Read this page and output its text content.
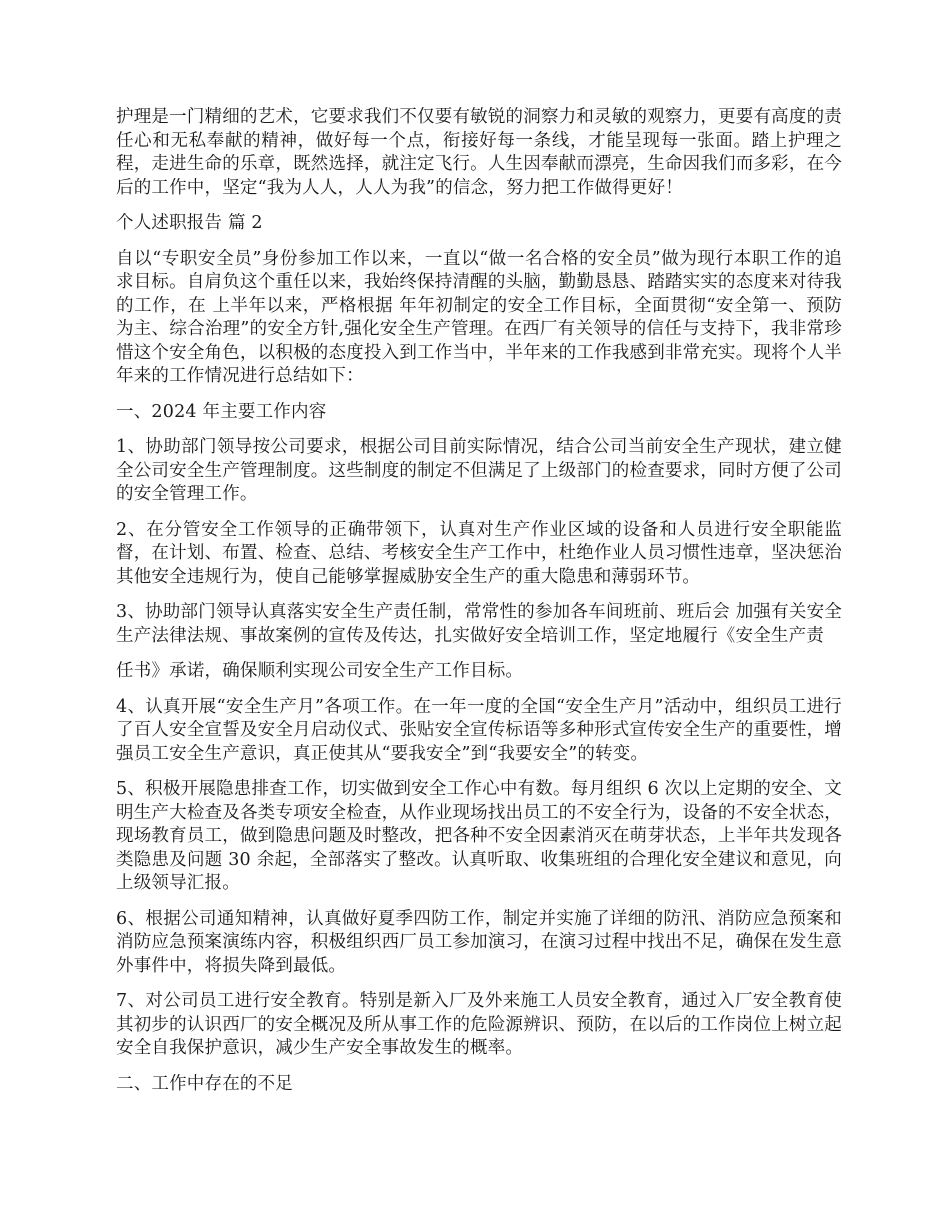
护理是一门精细的艺术，它要求我们不仅要有敏锐的洞察力和灵敏的观察力，更要有高度的责任心和无私奉献的精神，做好每一个点，衔接好每一条线，才能呈现每一张面。踏上护理之程，走进生命的乐章，既然选择，就注定飞行。人生因奉献而漂亮，生命因我们而多彩，在今后的工作中，坚定“我为人人，人人为我”的信念，努力把工作做得更好！

个人述职报告 篇 2

自以“专职安全员”身份参加工作以来，一直以“做一名合格的安全员”做为现行本职工作的追求目标。自肩负这个重任以来，我始终保持清醒的头脑，勤勤恳恳、踏踏实实的态度来对待我的工作，在 上半年以来，严格根据 年年初制定的安全工作目标，全面贯彻“安全第一、预防为主、综合治理”的安全方针,强化安全生产管理。在西厂有关领导的信任与支持下，我非常珍惜这个安全角色，以积极的态度投入到工作当中，半年来的工作我感到非常充实。现将个人半年来的工作情况进行总结如下：

一、2024 年主要工作内容

1、协助部门领导按公司要求，根据公司目前实际情况，结合公司当前安全生产现状，建立健全公司安全生产管理制度。这些制度的制定不但满足了上级部门的检查要求，同时方便了公司的安全管理工作。

2、在分管安全工作领导的正确带领下，认真对生产作业区域的设备和人员进行安全职能监督，在计划、布置、检查、总结、考核安全生产工作中，杜绝作业人员习惯性违章，坚决惩治其他安全违规行为，使自己能够掌握威胁安全生产的重大隐患和薄弱环节。

3、协助部门领导认真落实安全生产责任制，常常性的参加各车间班前、班后会 加强有关安全生产法律法规、事故案例的宣传及传达，扎实做好安全培训工作，坚定地履行《安全生产责

任书》承诺，确保顺利实现公司安全生产工作目标。

4、认真开展“安全生产月”各项工作。在一年一度的全国“安全生产月”活动中，组织员工进行了百人安全宣誓及安全月启动仪式、张贴安全宣传标语等多种形式宣传安全生产的重要性，增强员工安全生产意识，真正使其从“要我安全”到“我要安全”的转变。

5、积极开展隐患排查工作，切实做到安全工作心中有数。每月组织 6 次以上定期的安全、文明生产大检查及各类专项安全检查，从作业现场找出员工的不安全行为，设备的不安全状态，现场教育员工，做到隐患问题及时整改，把各种不安全因素消灭在萌芽状态，上半年共发现各类隐患及问题 30 余起，全部落实了整改。认真听取、收集班组的合理化安全建议和意见，向上级领导汇报。

6、根据公司通知精神，认真做好夏季四防工作，制定并实施了详细的防汛、消防应急预案和消防应急预案演练内容，积极组织西厂员工参加演习，在演习过程中找出不足，确保在发生意外事件中，将损失降到最低。

7、对公司员工进行安全教育。特别是新入厂及外来施工人员安全教育，通过入厂安全教育使其初步的认识西厂的安全概况及所从事工作的危险源辨识、预防，在以后的工作岗位上树立起安全自我保护意识，减少生产安全事故发生的概率。

二、工作中存在的不足
